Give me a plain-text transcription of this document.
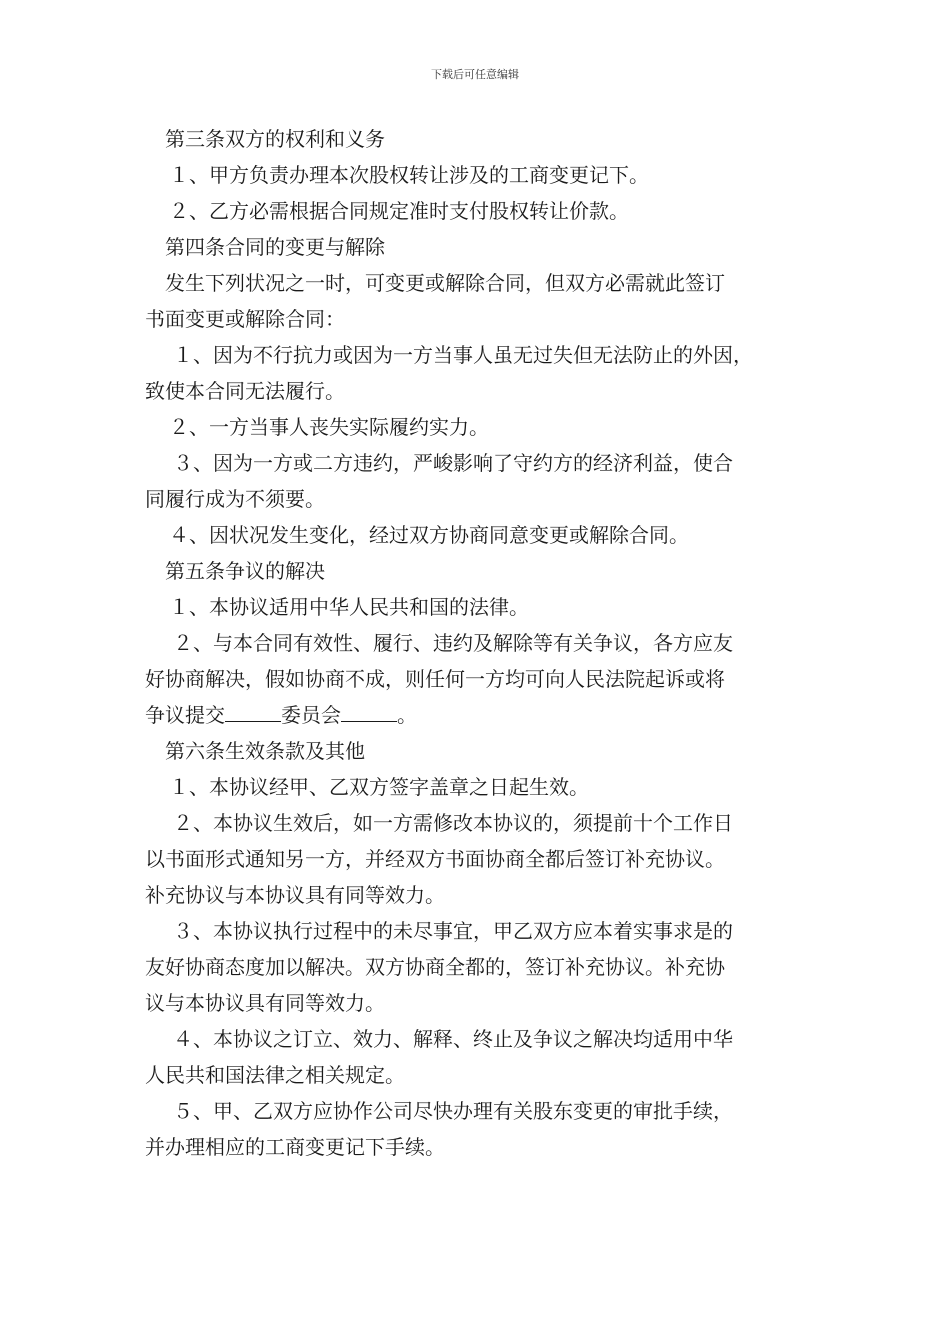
下载后可任意编辑
第三条双方的权利和义务
１、甲方负责办理本次股权转让涉及的工商变更记下。
２、乙方必需根据合同规定准时支付股权转让价款。
第四条合同的变更与解除
发生下列状况之一时，可变更或解除合同，但双方必需就此签订
书面变更或解除合同：
１、因为不行抗力或因为一方当事人虽无过失但无法防止的外因，
致使本合同无法履行。
２、一方当事人丧失实际履约实力。
３、因为一方或二方违约，严峻影响了守约方的经济利益，使合
同履行成为不须要。
４、因状况发生变化，经过双方协商同意变更或解除合同。
第五条争议的解决
１、本协议适用中华人民共和国的法律。
２、与本合同有效性、履行、违约及解除等有关争议，各方应友
好协商解决，假如协商不成，则任何一方均可向人民法院起诉或将
争议提交	委员会	。
第六条生效条款及其他
１、本协议经甲、乙双方签字盖章之日起生效。
２、本协议生效后，如一方需修改本协议的，须提前十个工作日
以书面形式通知另一方，并经双方书面协商全都后签订补充协议。
补充协议与本协议具有同等效力。
３、本协议执行过程中的未尽事宜，甲乙双方应本着实事求是的
友好协商态度加以解决。双方协商全都的，签订补充协议。补充协
议与本协议具有同等效力。
４、本协议之订立、效力、解释、终止及争议之解决均适用中华
人民共和国法律之相关规定。
５、甲、乙双方应协作公司尽快办理有关股东变更的审批手续，
并办理相应的工商变更记下手续。
